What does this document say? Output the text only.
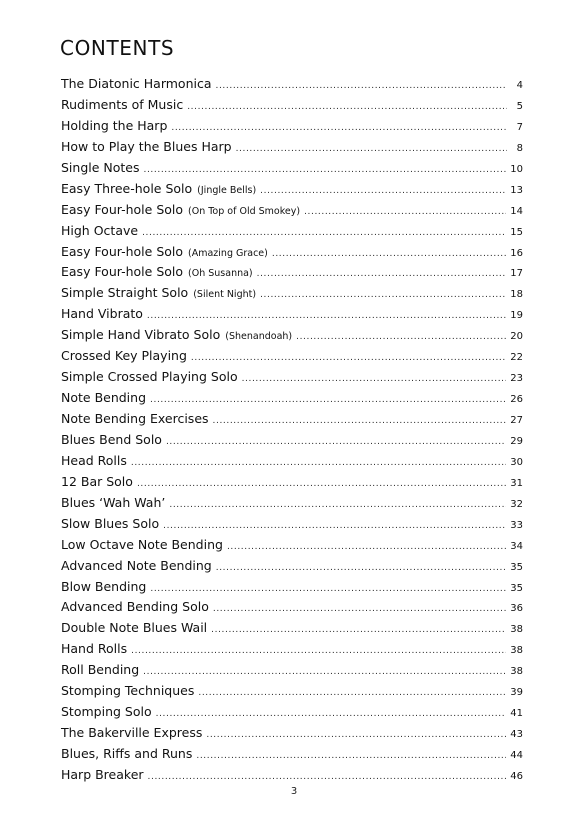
CONTENTS
The Diatonic Harmonica .....	4
Rudiments of Music .....	5
Holding the Harp .....	7
How to Play the Blues Harp .....	8
Single Notes .....	10
Easy Three-hole Solo (Jingle Bells) .....	13
Easy Four-hole Solo (On Top of Old Smokey) .....	14
High Octave .....	15
Easy Four-hole Solo (Amazing Grace) .....	16
Easy Four-hole Solo (Oh Susanna) .....	17
Simple Straight Solo (Silent Night) .....	18
Hand Vibrato .....	19
Simple Hand Vibrato Solo (Shenandoah) .....	20
Crossed Key Playing .....	22
Simple Crossed Playing Solo .....	23
Note Bending .....	26
Note Bending Exercises .....	27
Blues Bend Solo .....	29
Head Rolls .....	30
12 Bar Solo .....	31
Blues ‘Wah Wah’ .....	32
Slow Blues Solo .....	33
Low Octave Note Bending .....	34
Advanced Note Bending .....	35
Blow Bending .....	35
Advanced Bending Solo .....	36
Double Note Blues Wail .....	38
Hand Rolls .....	38
Roll Bending .....	38
Stomping Techniques .....	39
Stomping Solo .....	41
The Bakerville Express .....	43
Blues, Riffs and Runs .....	44
Harp Breaker .....	46
3
